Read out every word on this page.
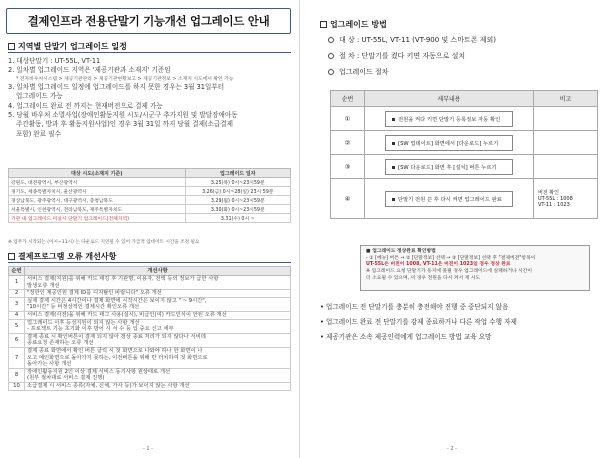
결제인프라 전용단말기 기능개선 업그레이드 안내
지역별 단말기 업그레이드 일정
1. 대상단말기 : UT-55L, VT-11
2. 일차별 업그레이드 지역은 '제공기관과 소재지' 기준임
* 전자바우처시스템 > 제공기관관리 > 제공기관현황보고 > 제공기관정보 > 소재지 시도에서 확인 가능
3. 일차별 업그레이드 일정에 업그레이드를 하지 못한 경우는 3월 31일부터
업그레이드 가능
4. 업그레이드 완료 전 까지는 현재버전으로 결제 가능
5. 당월 바우처 소멸사업(장애인활동지원 시도/시군구 추가지원 및 발달장애아동
주간활동, 방과 후 활동지원사업)인 경우 3월 31일 까지 당월 결제(소급결제
포함) 완료 필수
대상 시도(소재지 기준)	업그레이드 일자
강원도, 대전광역시, 부산광역시	3.25(목) 0시~23시59분
경기도, 세종특별자치시, 울산광역시	3.26(금) 0시~28(일) 23시 59분
경상남북도, 광주광역시, 대구광역시, 충청남북도	3.29(월) 0시~23시59분
서울특별시, 인천광역시, 전라남북도, 제주특별자치도	3.30(화) 0시~23시59분
기관 내 업그레이드 미실시 단말기 업그레이드(전체지역)	3.31(수) 0시 ~
※ 업무가 시작되는 (아시~11시) 는 다운로드 지연될 수 있어 가급적 업데이트 시간을 조정 필요
결제프로그램 오류 개선사항
순번	개선사항
1	서비스 결제(지원)를 위해 카드 태깅 후 기관명, 이용자, 전액 등의 정보가 급한 사항
발생오류 개선

2	"정한인 제공인원 결제 ID를 디지탈인 바람니다" 오류 개선

3	실제 결제 시간은 4시간이나 결제 화면에 시작시간은 보이지 않고 " ~ 9시간",
"10시간" 등 비정상적인 결제시간 확인오류 개선

4	서비스 결제(사전)을 위해 카드 태그 사용(실시), 비급인(여) 카드인식이 안된 오류 개선

5	업그레이드 이후 등성지된이 되지 않는 사항 개선
- 프로젝트 기능 초기화 이후 방어 시 서 수 등 입 중요 신고 세부

6	결제 종료 시 확인버튼이 결제 되지 않아 정상 종료 처리가 되지 않다나 서비데
종료요청 존재하는 오류 개선

7	결제 종료 화면에서 확인 버튼 클릭 시 첫 화면으로 나와야 하나 한 화면이 나
오고 예인화면으로 돌아가지 못하는, 이전버튼을 위해 반 터치하여 첫 화면으로
돌아가는 사항 개선

8	장애인활동지원 2인 이상 결제 서비스 동기사항 원상태로 개선
(원부 절차대로 서비스 결제 진행)

10	소급결제 시 서비스 종류(자체, 신체, 가사 등)가 보이지 않는 사항 개선
- 1 -
업그레이드 방법
대 상 : UT-55L, VT-11 (VT-900 및 스마트폰 제외)
절 차 : 단말기를 켰다 키면 자동으로 설치
업그레이드 절차
순번	세부내용	비고
①	전원을 켜다 키면 단말기 등록정보 자동 확인	
②	[SW 업데이트] 화면에서 [다운로드] 누르기	
③	[SW 다운로드] 화면 후 [설치] 버튼 누르기	
④	단말기 전원 끈 후 다시 켜면 업그레이드 완료	버전 확인
UT-55L : 1008
VT-11 : 1023
■ 업그레이드 정상완료 확인방법
- ① [메뉴] 버튼 → ② [단말정보] 선택 → ③ [단말정보] 선택 후 "결제버전"항목이
UT-55L은 버전이 1008, VT-11은 버전이 1023일 경우 정상 완료
※ 업그레이드 요청 단말기가 동지에 몰릴 경우 업그레이드에 실패하거나 시간이
더 소요될 수 있으며, 이 경우 전원을 다시 켜서 재 시도
• 업그레이드 전 단말기를 충분히 충전해야 진행 중 중단되지 않음
• 업그레이드 완료 전 단말기를 강제 종료하거나 다른 작업 수행 자제
• 제공기관은 소속 제공인력에게 업그레이드 방법 교육 요망
- 2 -
